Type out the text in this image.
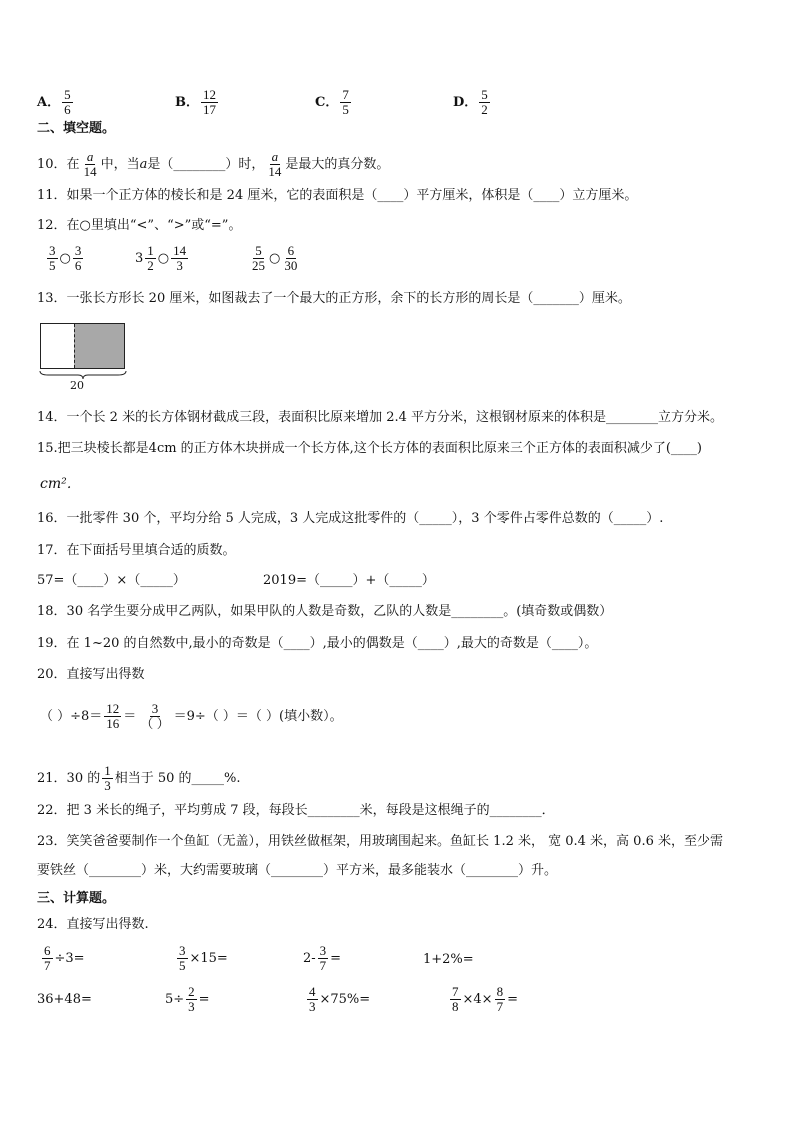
A． $\frac{5}{6}$	B． $\frac{12}{17}$	C． $\frac{7}{5}$	D． $\frac{5}{2}$
二、填空题。
10．在 $\frac{a}{14}$ 中，当a是（________）时， $\frac{a}{14}$ 是最大的真分数。
11．如果一个正方体的棱长和是 24 厘米，它的表面积是（____）平方厘米，体积是（____）立方厘米。
12．在○里填出“<”、“>”或“=”。
$\frac{3}{5}$ ○ $\frac{3}{6}$	$3 \frac{1}{2}$ ○ $\frac{14}{3}$	$\frac{5}{25}$ ○ $\frac{6}{30}$
13．一张长方形长 20 厘米，如图裁去了一个最大的正方形，余下的长方形的周长是（_______）厘米。
20
14．一个长 2 米的长方体钢材截成三段，表面积比原来增加 2.4 平方分米，这根钢材原来的体积是________立方分米。
15.把三块棱长都是4cm 的正方体木块拼成一个长方体,这个长方体的表面积比原来三个正方体的表面积减少了(____)
cm²．
16．一批零件 30 个，平均分给 5 人完成，3 人完成这批零件的（_____），3 个零件占零件总数的（_____）.
17．在下面括号里填合适的质数。
57=（____）×（_____）	2019=（_____）+（_____）
18．30 名学生要分成甲乙两队，如果甲队的人数是奇数，乙队的人数是________。(填奇数或偶数）
19．在 1~20 的自然数中,最小的奇数是（____）,最小的偶数是（____）,最大的奇数是（____）。
20．直接写出得数
（ ）$\div 8= \frac{12}{16} = \frac{3}{( )} =9\div$（ ）＝（ ）(填小数）。
21．30 的 $\frac{1}{3}$ 相当于 50 的_____%.
22．把 3 米长的绳子，平均剪成 7 段，每段长________米，每段是这根绳子的________．
23．笑笑爸爸要制作一个鱼缸（无盖），用铁丝做框架，用玻璃围起来。鱼缸长 1.2 米， 宽 0.4 米，高 0.6 米，至少需
要铁丝（________）米，大约需要玻璃（________）平方米，最多能装水（________）升。
三、计算题。
24．直接写出得数.
$\frac{6}{7} \div 3=$	$\frac{3}{5} \times 15=$	$2- \frac{3}{7}$ =	1+2%=
36+48=	$5\div \frac{2}{3}$ =	$\frac{4}{3} \times 75\%=$	$\frac{7}{8} \times 4\times \frac{8}{7}$ =
